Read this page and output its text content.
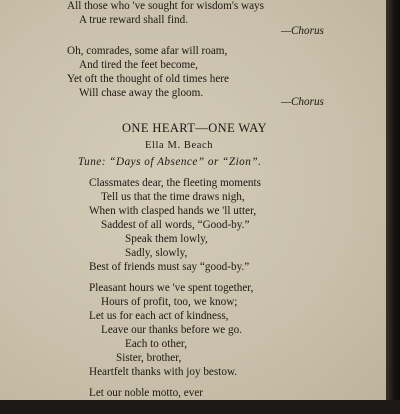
All those who 've sought for wisdom's ways
A true reward shall find.
—Chorus
Oh, comrades, some afar will roam,
And tired the feet become,
Yet oft the thought of old times here
Will chase away the gloom.
—Chorus
ONE HEART—ONE WAY
Ella M. Beach
Tune: “Days of Absence” or “Zion”.
Classmates dear, the fleeting moments
Tell us that the time draws nigh,
When with clasped hands we 'll utter,
Saddest of all words, “Good-by.”
Speak them lowly,
Sadly, slowly,
Best of friends must say “good-by.”
Pleasant hours we 've spent together,
Hours of profit, too, we know;
Let us for each act of kindness,
Leave our thanks before we go.
Each to other,
Sister, brother,
Heartfelt thanks with joy bestow.
Let our noble motto, ever
Be our bright and guiding star
